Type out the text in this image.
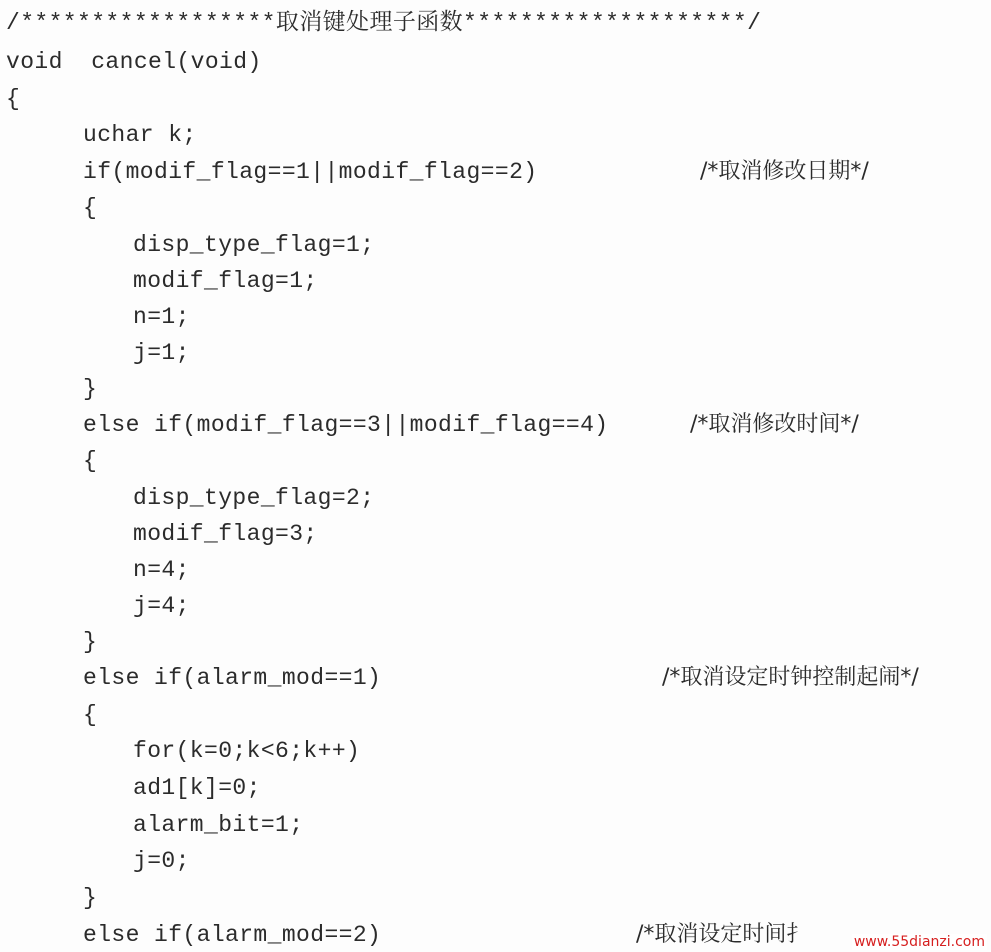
/******************取消键处理子函数********************/
void  cancel(void)
{
uchar k;
if(modif_flag==1||modif_flag==2)	/*取消修改日期*/
{
disp_type_flag=1;
modif_flag=1;
n=1;
j=1;
}
else if(modif_flag==3||modif_flag==4)	/*取消修改时间*/
{
disp_type_flag=2;
modif_flag=3;
n=4;
j=4;
}
else if(alarm_mod==1)	/*取消设定时钟控制起闹*/
{
for(k=0;k<6;k++)
ad1[k]=0;
alarm_bit=1;
j=0;
}
else if(alarm_mod==2)	/*取消设定时间扌	www.55dianzi.com
